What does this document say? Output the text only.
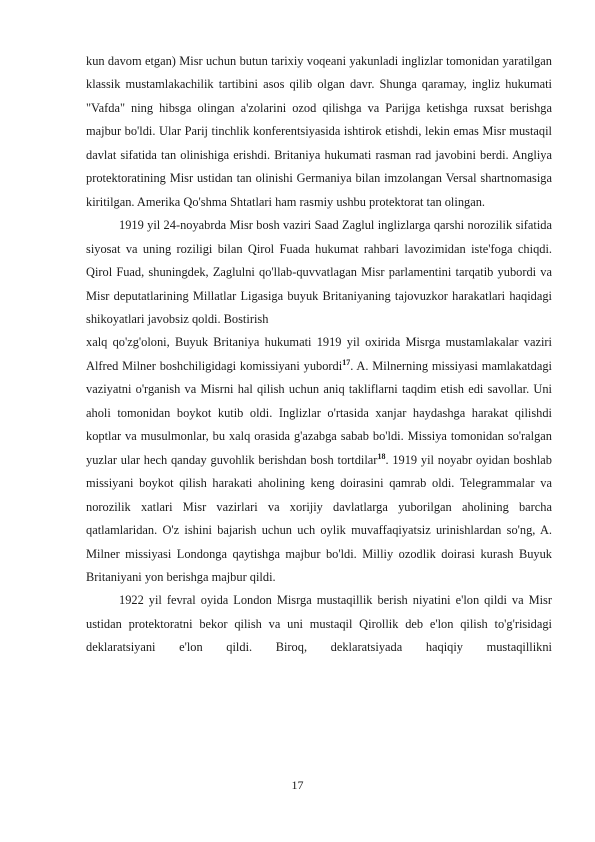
kun davom etgan) Misr uchun butun tarixiy voqeani yakunladi inglizlar tomonidan yaratilgan klassik mustamlakachilik tartibini asos qilib olgan davr. Shunga qaramay, ingliz hukumati "Vafda" ning hibsga olingan a'zolarini ozod qilishga va Parijga ketishga ruxsat berishga majbur bo'ldi. Ular Parij tinchlik konferentsiyasida ishtirok etishdi, lekin emas Misr mustaqil davlat sifatida tan olinishiga erishdi. Britaniya hukumati rasman rad javobini berdi. Angliya protektoratining Misr ustidan tan olinishi Germaniya bilan imzolangan Versal shartnomasiga kiritilgan. Amerika Qo'shma Shtatlari ham rasmiy ushbu protektorat tan olingan.

1919 yil 24-noyabrda Misr bosh vaziri Saad Zaglul inglizlarga qarshi norozilik sifatida siyosat va uning roziligi bilan Qirol Fuada hukumat rahbari lavozimidan iste'foga chiqdi. Qirol Fuad, shuningdek, Zaglulni qo'llab-quvvatlagan Misr parlamentini tarqatib yubordi va Misr deputatlarining Millatlar Ligasiga buyuk Britaniyaning tajovuzkor harakatlari haqidagi shikoyatlari javobsiz qoldi. Bostirish

xalq qo'zg'oloni, Buyuk Britaniya hukumati 1919 yil oxirida Misrga mustamlakalar vaziri Alfred Milner boshchiligidagi komissiyani yubordi$^{17}$. A. Milnerning missiyasi mamlakatdagi vaziyatni o'rganish va Misrni hal qilish uchun aniq takliflarni taqdim etish edi savollar. Uni aholi tomonidan boykot kutib oldi. Inglizlar o'rtasida xanjar haydashga harakat qilishdi koptlar va musulmonlar, bu xalq orasida g'azabga sabab bo'ldi. Missiya tomonidan so'ralgan yuzlar ular hech qanday guvohlik berishdan bosh tortdilar$^{18}$. 1919 yil noyabr oyidan boshlab missiyani boykot qilish harakati aholining keng doirasini qamrab oldi. Telegrammalar va norozilik xatlari Misr vazirlari va xorijiy davlatlarga yuborilgan aholining barcha qatlamlaridan. O'z ishini bajarish uchun uch oylik muvaffaqiyatsiz urinishlardan so'ng, A. Milner missiyasi Londonga qaytishga majbur bo'ldi. Milliy ozodlik doirasi kurash Buyuk Britaniyani yon berishga majbur qildi.

1922 yil fevral oyida London Misrga mustaqillik berish niyatini e'lon qildi va Misr ustidan protektoratni bekor qilish va uni mustaqil Qirollik deb e'lon qilish to'g'risidagi deklaratsiyani e'lon qildi. Biroq, deklaratsiyada haqiqiy mustaqillikni

17
